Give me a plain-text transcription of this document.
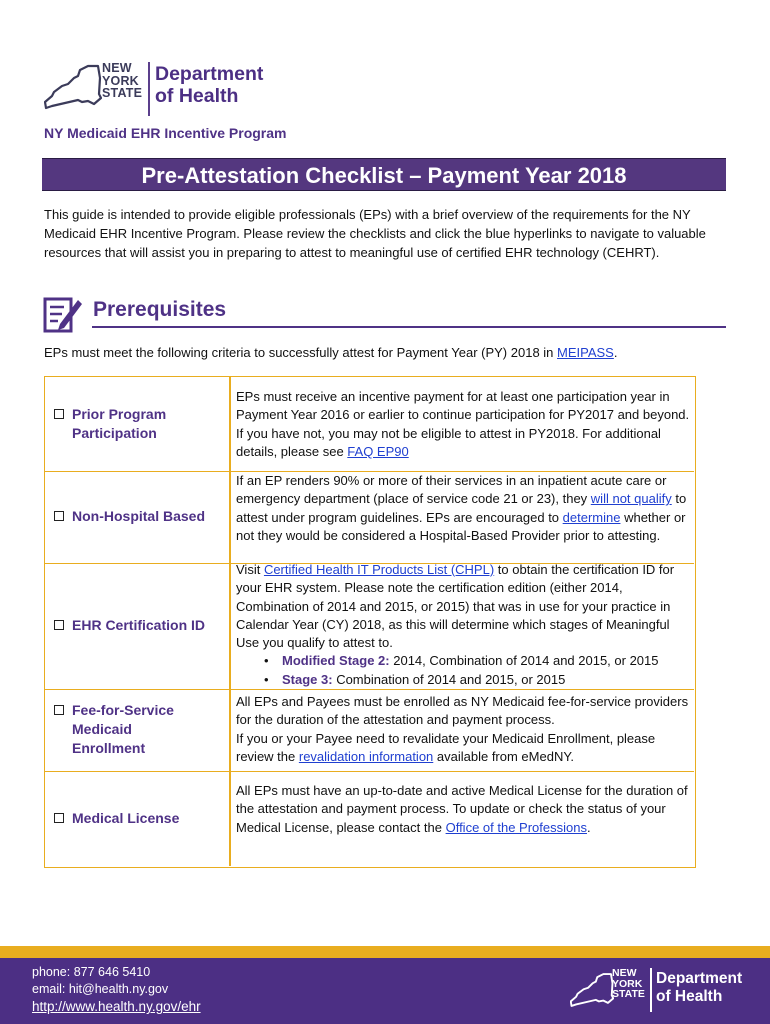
NEW
YORK
STATE
Department
of Health
NY Medicaid EHR Incentive Program
Pre-Attestation Checklist – Payment Year 2018

This guide is intended to provide eligible professionals (EPs) with a brief overview of the requirements for the NY Medicaid EHR Incentive Program. Please review the checklists and click the blue hyperlinks to navigate to valuable resources that will assist you in preparing to attest to meaningful use of certified EHR technology (CEHRT).

Prerequisites

EPs must meet the following criteria to successfully attest for Payment Year (PY) 2018 in MEIPASS.

Prior Program
Participation
EPs must receive an incentive payment for at least one participation year in Payment Year 2016 or earlier to continue participation for PY2017 and beyond. If you have not, you may not be eligible to attest in PY2018. For additional details, please see FAQ EP90
Non-Hospital Based
If an EP renders 90% or more of their services in an inpatient acute care or emergency department (place of service code 21 or 23), they will not qualify to attest under program guidelines. EPs are encouraged to determine whether or not they would be considered a Hospital-Based Provider prior to attesting.
EHR Certification ID
Visit Certified Health IT Products List (CHPL) to obtain the certification ID for your EHR system. Please note the certification edition (either 2014, Combination of 2014 and 2015, or 2015) that was in use for your practice in Calendar Year (CY) 2018, as this will determine which stages of Meaningful Use you qualify to attest to.
• Modified Stage 2: 2014, Combination of 2014 and 2015, or 2015
• Stage 3: Combination of 2014 and 2015, or 2015
Fee-for-Service
Medicaid
Enrollment
All EPs and Payees must be enrolled as NY Medicaid fee-for-service providers for the duration of the attestation and payment process.
If you or your Payee need to revalidate your Medicaid Enrollment, please review the revalidation information available from eMedNY.
Medical License
All EPs must have an up-to-date and active Medical License for the duration of the attestation and payment process. To update or check the status of your Medical License, please contact the Office of the Professions.
phone: 877 646 5410
email: hit@health.ny.gov
http://www.health.ny.gov/ehr
NEW
YORK
STATE
Department
of Health
